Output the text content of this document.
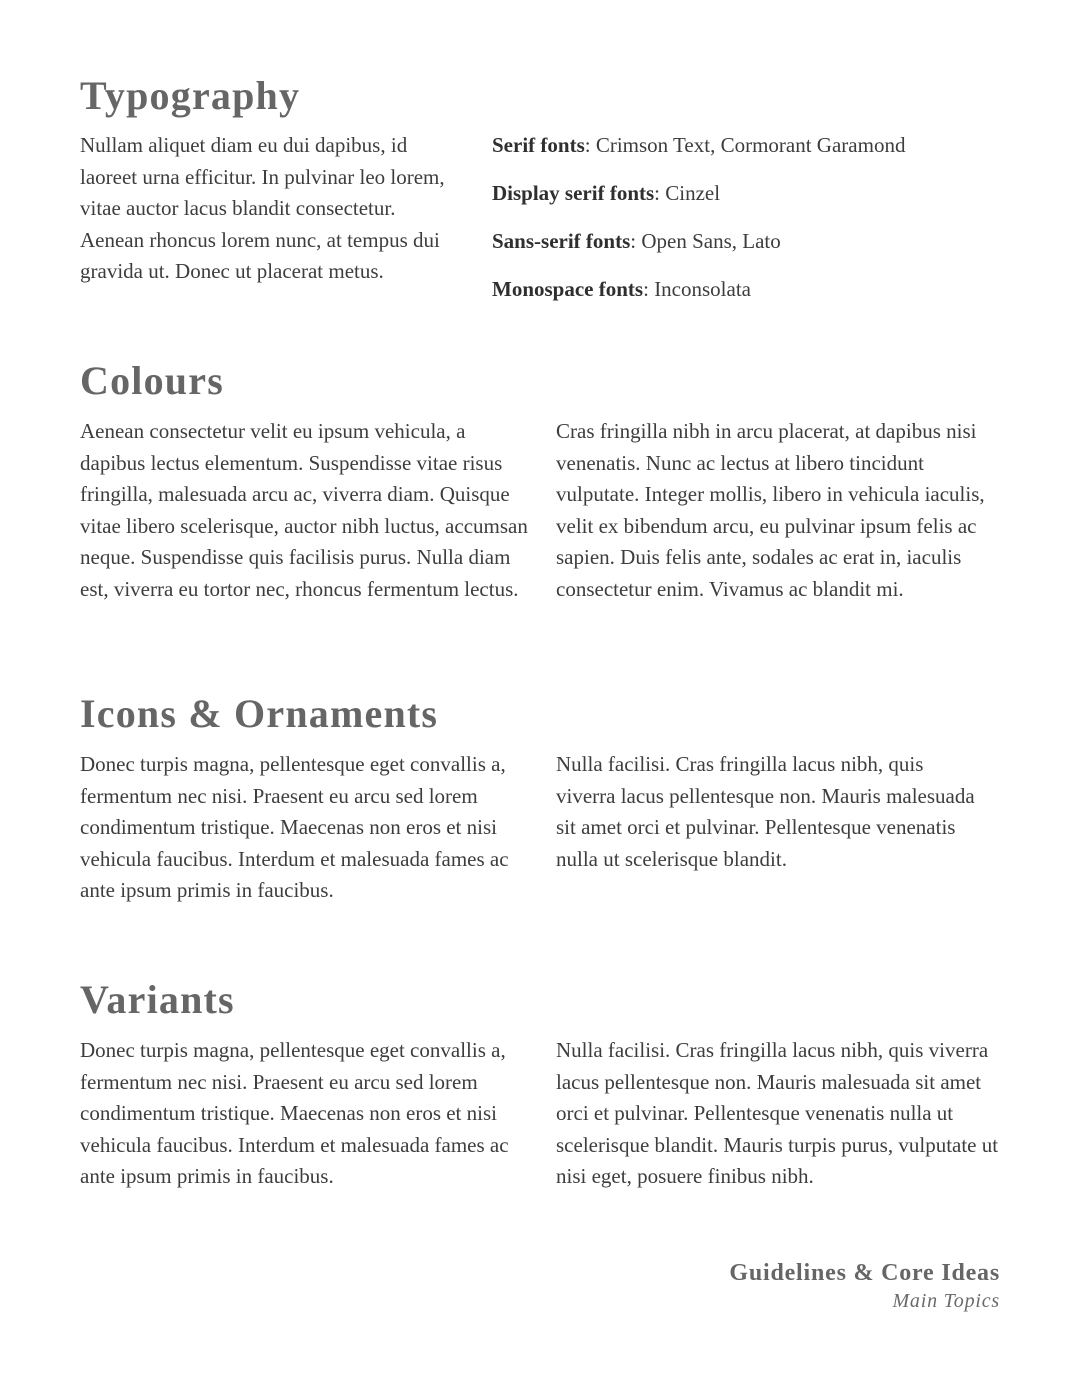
Typography

Nullam aliquet diam eu dui dapibus, id laoreet urna efficitur. In pulvinar leo lorem, vitae auctor lacus blandit consectetur. Aenean rhoncus lorem nunc, at tempus dui gravida ut. Donec ut placerat metus.

Serif fonts: Crimson Text, Cormorant Garamond
Display serif fonts: Cinzel
Sans-serif fonts: Open Sans, Lato
Monospace fonts: Inconsolata
Colours

Aenean consectetur velit eu ipsum vehicula, a dapibus lectus elementum. Suspendisse vitae risus fringilla, malesuada arcu ac, viverra diam. Quisque vitae libero scelerisque, auctor nibh luctus, accumsan neque. Suspendisse quis facilisis purus. Nulla diam est, viverra eu tortor nec, rhoncus fermentum lectus.

Cras fringilla nibh in arcu placerat, at dapibus nisi venenatis. Nunc ac lectus at libero tincidunt vulputate. Integer mollis, libero in vehicula iaculis, velit ex bibendum arcu, eu pulvinar ipsum felis ac sapien. Duis felis ante, sodales ac erat in, iaculis consectetur enim. Vivamus ac blandit mi.

Icons & Ornaments

Donec turpis magna, pellentesque eget convallis a, fermentum nec nisi. Praesent eu arcu sed lorem condimentum tristique. Maecenas non eros et nisi vehicula faucibus. Interdum et malesuada fames ac ante ipsum primis in faucibus.

Nulla facilisi. Cras fringilla lacus nibh, quis viverra lacus pellentesque non. Mauris malesuada sit amet orci et pulvinar. Pellentesque venenatis nulla ut scelerisque blandit.

Variants

Donec turpis magna, pellentesque eget convallis a, fermentum nec nisi. Praesent eu arcu sed lorem condimentum tristique. Maecenas non eros et nisi vehicula faucibus. Interdum et malesuada fames ac ante ipsum primis in faucibus.

Nulla facilisi. Cras fringilla lacus nibh, quis viverra lacus pellentesque non. Mauris malesuada sit amet orci et pulvinar. Pellentesque venenatis nulla ut scelerisque blandit. Mauris turpis purus, vulputate ut nisi eget, posuere finibus nibh.

Guidelines & Core Ideas
Main Topics
